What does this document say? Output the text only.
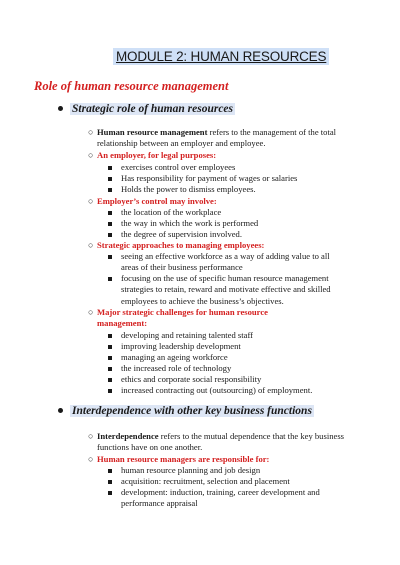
MODULE 2: HUMAN RESOURCES
Role of human resource management
Strategic role of human resources
○ Human resource management refers to the management of the total relationship between an employer and employee.
○ An employer, for legal purposes:
exercises control over employees
Has responsibility for payment of wages or salaries
Holds the power to dismiss employees.
○ Employer’s control may involve:
the location of the workplace
the way in which the work is performed
the degree of supervision involved.
○ Strategic approaches to managing employees:
seeing an effective workforce as a way of adding value to all areas of their business performance
focusing on the use of specific human resource management strategies to retain, reward and motivate effective and skilled employees to achieve the business’s objectives.
○ Major strategic challenges for human resource management:
developing and retaining talented staff
improving leadership development
managing an ageing workforce
the increased role of technology
ethics and corporate social responsibility
increased contracting out (outsourcing) of employment.
Interdependence with other key business functions
○ Interdependence refers to the mutual dependence that the key business functions have on one another.
○ Human resource managers are responsible for:
human resource planning and job design
acquisition: recruitment, selection and placement
development: induction, training, career development and performance appraisal
